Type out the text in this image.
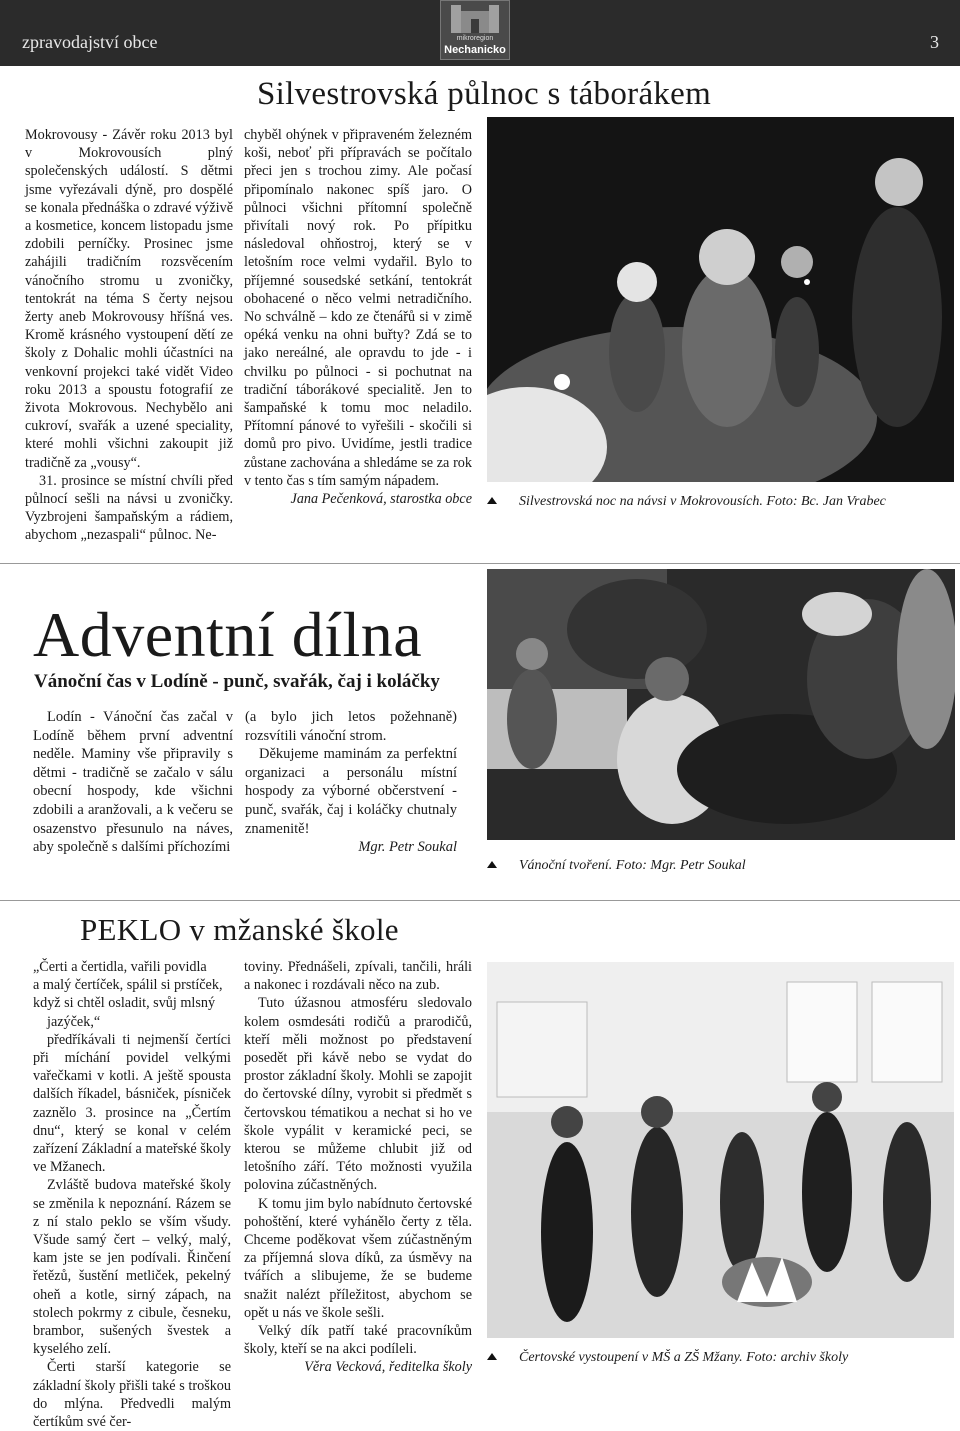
zpravodajství obce	3
mikroregion
Nechanicko
Silvestrovská půlnoc s táborákem

Mokrovousy - Závěr roku 2013 byl v Mokrovousích plný společenských událostí. S dětmi jsme vyřezávali dýně, pro dospělé se konala přednáška o zdravé výživě a kosmetice, koncem listopadu jsme zdobili perníčky. Prosinec jsme zahájili tradičním rozsvěcením vánočního stromu u zvoničky, tentokrát na téma S čerty nejsou žerty aneb Mokrovousy hříšná ves. Kromě krásného vystoupení dětí ze školy z Dohalic mohli účastníci na venkovní projekci také vidět Video roku 2013 a spoustu fotografií ze života Mokrovous. Nechybělo ani cukroví, svařák a uzené speciality, které mohli všichni zakoupit již tradičně za „vousy“.

31. prosince se místní chvíli před půlnocí sešli na návsi u zvoničky. Vyzbrojeni šampaňským a rádiem, abychom „nezaspali“ půlnoc. Ne-

chyběl ohýnek v připraveném železném koši, neboť při přípravách se počítalo přeci jen s trochou zimy. Ale počasí připomínalo nakonec spíš jaro. O půlnoci všichni přítomní společně přivítali nový rok. Po přípitku následoval ohňostroj, který se v letošním roce velmi vydařil. Bylo to příjemné sousedské setkání, tentokrát obohacené o něco velmi netradičního. No schválně – kdo ze čtenářů si v zimě opéká venku na ohni buřty? Zdá se to jako nereálné, ale opravdu to jde - i chvilku po půlnoci - si pochutnat na tradiční táborákové specialitě. Jen to šampaňské k tomu moc neladilo. Přítomní pánové to vyřešili - skočili si domů pro pivo. Uvidíme, jestli tradice zůstane zachována a shledáme se za rok v tento čas s tím samým nápadem.

Jana Pečenková, starostka obce	Silvestrovská noc na návsi v Mokrovousích. Foto: Bc. Jan Vrabec
Adventní dílna
Vánoční čas v Lodíně - punč, svařák, čaj i koláčky

Lodín - Vánoční čas začal v Lodíně během první adventní neděle. Maminy vše připravily s dětmi - tradičně se začalo v sálu obecní hospody, kde všichni zdobili a aranžovali, a k večeru se osazenstvo přesunulo na náves, aby společně s dalšími příchozími

(a bylo jich letos požehnaně) rozsvítili vánoční strom.

Děkujeme maminám za perfektní organizaci a personálu místní hospody za výborné občerstvení - punč, svařák, čaj i koláčky chutnaly znamenitě!

Mgr. Petr Soukal

Vánoční tvoření. Foto: Mgr. Petr Soukal
PEKLO v mžanské škole
„Čerti a čertidla, vařili povidla
a malý čertíček, spálil si prstíček,
když si chtěl osladit, svůj mlsný
jazýček,“

předříkávali ti nejmenší čertíci při míchání povidel velkými vařečkami v kotli. A ještě spousta dalších říkadel, básniček, písniček zaznělo 3. prosince na „Čertím dnu“, který se konal v celém zařízení Základní a mateřské školy ve Mžanech.

Zvláště budova mateřské školy se změnila k nepoznání. Rázem se z ní stalo peklo se vším všudy. Všude samý čert – velký, malý, kam jste se jen podívali. Řinčení řetězů, šustění metliček, pekelný oheň a kotle, sirný zápach, na stolech pokrmy z cibule, česneku, brambor, sušených švestek a kyselého zelí.

Čerti starší kategorie se základní školy přišli také s troškou do mlýna. Předvedli malým čertíkům své čer-

toviny. Přednášeli, zpívali, tančili, hráli a nakonec i rozdávali něco na zub.

Tuto úžasnou atmosféru sledovalo kolem osmdesáti rodičů a prarodičů, kteří měli možnost po představení posedět při kávě nebo se vydat do prostor základní školy. Mohli se zapojit do čertovské dílny, vyrobit si předmět s čertovskou tématikou a nechat si ho ve škole vypálit v keramické peci, se kterou se můžeme chlubit již od letošního září. Této možnosti využila polovina zúčastněných.

K tomu jim bylo nabídnuto čertovské pohoštění, které vyhánělo čerty z těla. Chceme poděkovat všem zúčastněným za příjemná slova díků, za úsměvy na tvářích a slibujeme, že se budeme snažit nalézt příležitost, abychom se opět u nás ve škole sešli.

Velký dík patří také pracovníkům školy, kteří se na akci podíleli.

Věra Vecková, ředitelka školy

Čertovské vystoupení v MŠ a ZŠ Mžany. Foto: archiv školy
